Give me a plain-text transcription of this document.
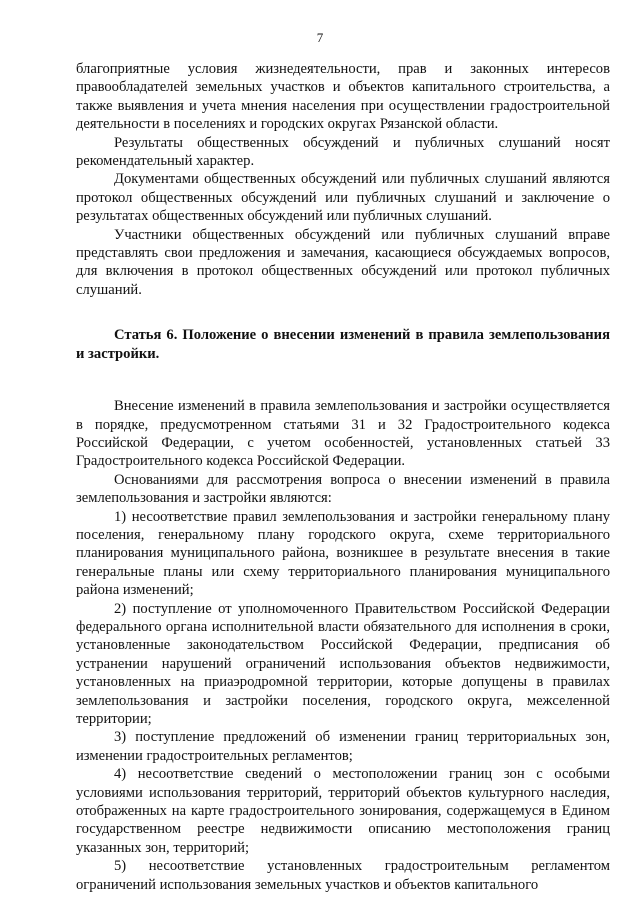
7

благоприятные условия жизнедеятельности, прав и законных интересов правообладателей земельных участков и объектов капитального строительства, а также выявления и учета мнения населения при осуществлении градостроительной деятельности в поселениях и городских округах Рязанской области.

Результаты общественных обсуждений и публичных слушаний носят рекомендательный характер.

Документами общественных обсуждений или публичных слушаний являются протокол общественных обсуждений или публичных слушаний и заключение о результатах общественных обсуждений или публичных слушаний.

Участники общественных обсуждений или публичных слушаний вправе представлять свои предложения и замечания, касающиеся обсуждаемых вопросов, для включения в протокол общественных обсуждений или протокол публичных слушаний.

Статья 6. Положение о внесении изменений в правила землепользования и застройки.

Внесение изменений в правила землепользования и застройки осуществляется в порядке, предусмотренном статьями 31 и 32 Градостроительного кодекса Российской Федерации, с учетом особенностей, установленных статьей 33 Градостроительного кодекса Российской Федерации.

Основаниями для рассмотрения вопроса о внесении изменений в правила землепользования и застройки являются:

1) несоответствие правил землепользования и застройки генеральному плану поселения, генеральному плану городского округа, схеме территориального планирования муниципального района, возникшее в результате внесения в такие генеральные планы или схему территориального планирования муниципального района изменений;

2) поступление от уполномоченного Правительством Российской Федерации федерального органа исполнительной власти обязательного для исполнения в сроки, установленные законодательством Российской Федерации, предписания об устранении нарушений ограничений использования объектов недвижимости, установленных на приаэродромной территории, которые допущены в правилах землепользования и застройки поселения, городского округа, межселенной территории;

3) поступление предложений об изменении границ территориальных зон, изменении градостроительных регламентов;

4) несоответствие сведений о местоположении границ зон с особыми условиями использования территорий, территорий объектов культурного наследия, отображенных на карте градостроительного зонирования, содержащемуся в Едином государственном реестре недвижимости описанию местоположения границ указанных зон, территорий;

5) несоответствие установленных градостроительным регламентом ограничений использования земельных участков и объектов капитального
